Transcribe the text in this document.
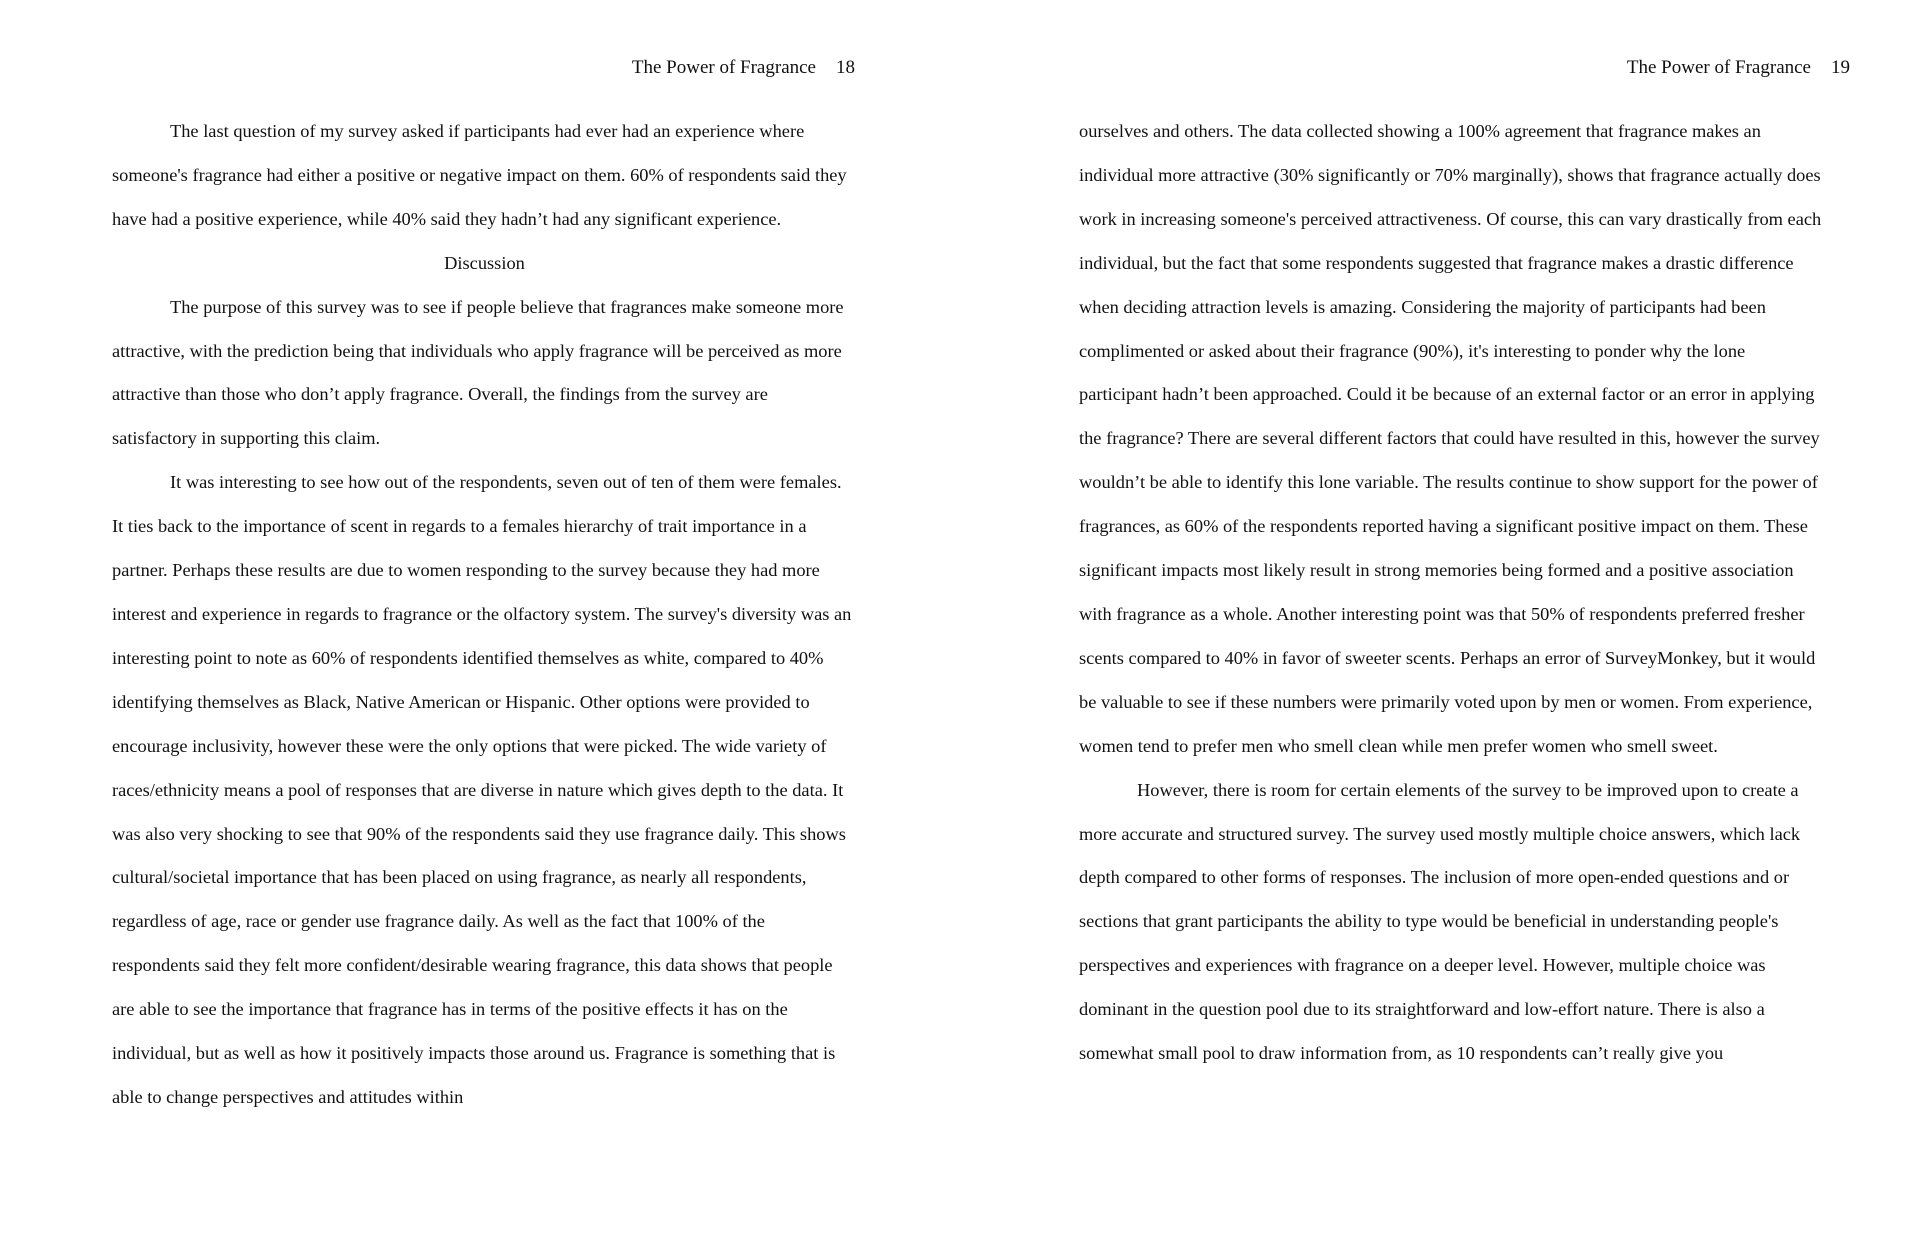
The Power of Fragrance 18

The last question of my survey asked if participants had ever had an experience where someone's fragrance had either a positive or negative impact on them. 60% of respondents said they have had a positive experience, while 40% said they hadn’t had any significant experience.

Discussion

The purpose of this survey was to see if people believe that fragrances make someone more attractive, with the prediction being that individuals who apply fragrance will be perceived as more attractive than those who don’t apply fragrance. Overall, the findings from the survey are satisfactory in supporting this claim.

It was interesting to see how out of the respondents, seven out of ten of them were females. It ties back to the importance of scent in regards to a females hierarchy of trait importance in a partner. Perhaps these results are due to women responding to the survey because they had more interest and experience in regards to fragrance or the olfactory system. The survey's diversity was an interesting point to note as 60% of respondents identified themselves as white, compared to 40% identifying themselves as Black, Native American or Hispanic. Other options were provided to encourage inclusivity, however these were the only options that were picked. The wide variety of races/ethnicity means a pool of responses that are diverse in nature which gives depth to the data. It was also very shocking to see that 90% of the respondents said they use fragrance daily. This shows cultural/societal importance that has been placed on using fragrance, as nearly all respondents, regardless of age, race or gender use fragrance daily. As well as the fact that 100% of the respondents said they felt more confident/desirable wearing fragrance, this data shows that people are able to see the importance that fragrance has in terms of the positive effects it has on the individual, but as well as how it positively impacts those around us. Fragrance is something that is able to change perspectives and attitudes within

The Power of Fragrance 19

ourselves and others. The data collected showing a 100% agreement that fragrance makes an individual more attractive (30% significantly or 70% marginally), shows that fragrance actually does work in increasing someone's perceived attractiveness. Of course, this can vary drastically from each individual, but the fact that some respondents suggested that fragrance makes a drastic difference when deciding attraction levels is amazing. Considering the majority of participants had been complimented or asked about their fragrance (90%), it's interesting to ponder why the lone participant hadn’t been approached. Could it be because of an external factor or an error in applying the fragrance? There are several different factors that could have resulted in this, however the survey wouldn’t be able to identify this lone variable. The results continue to show support for the power of fragrances, as 60% of the respondents reported having a significant positive impact on them. These significant impacts most likely result in strong memories being formed and a positive association with fragrance as a whole. Another interesting point was that 50% of respondents preferred fresher scents compared to 40% in favor of sweeter scents. Perhaps an error of SurveyMonkey, but it would be valuable to see if these numbers were primarily voted upon by men or women. From experience, women tend to prefer men who smell clean while men prefer women who smell sweet.

However, there is room for certain elements of the survey to be improved upon to create a more accurate and structured survey. The survey used mostly multiple choice answers, which lack depth compared to other forms of responses. The inclusion of more open-ended questions and or sections that grant participants the ability to type would be beneficial in understanding people's perspectives and experiences with fragrance on a deeper level. However, multiple choice was dominant in the question pool due to its straightforward and low-effort nature. There is also a somewhat small pool to draw information from, as 10 respondents can’t really give you
